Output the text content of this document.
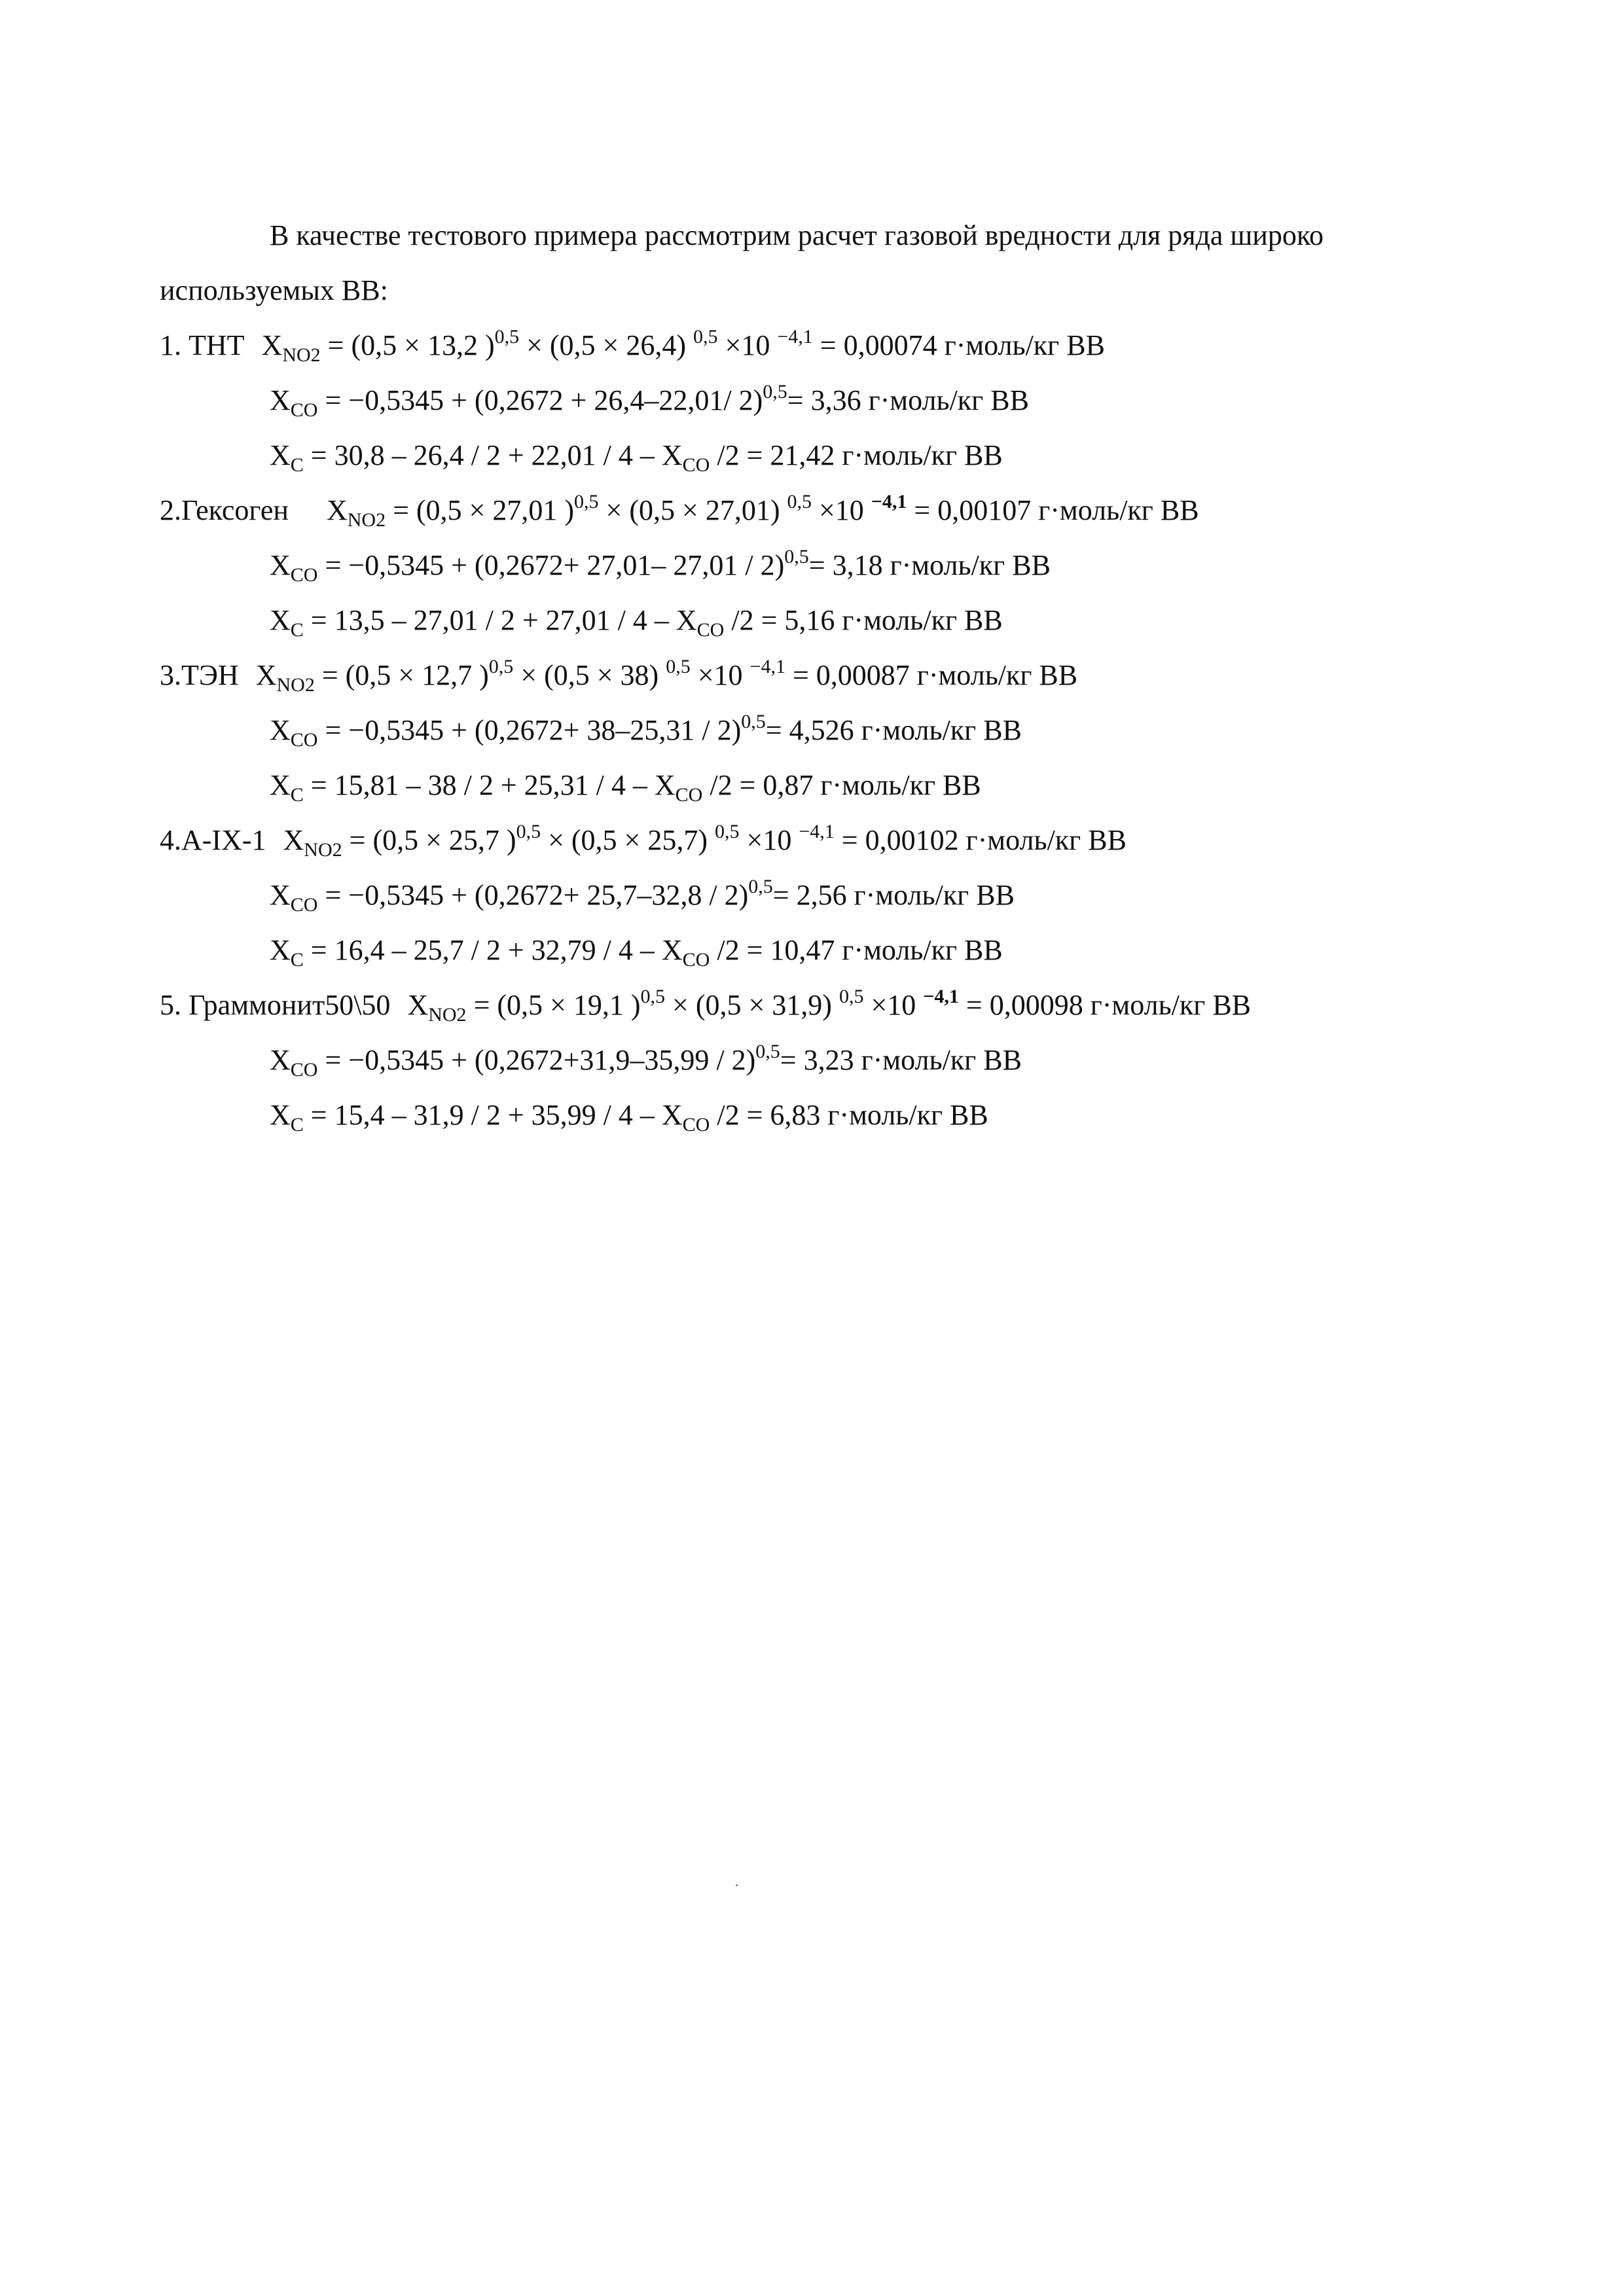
В качестве тестового примера рассмотрим расчет газовой вредности для ряда широко
используемых ВВ:
1. ТНТ $X_{NO2} = (0,5 \times 13,2$ )$^{0,5}$ × (0,5 × 26,4) $^{0,5}$ ×10 $^{-4,1}$ = 0,00074 г·моль/кг ВВ
$X_{CO} = -0,5345 + (0,2672 + 26,4-22,01/$ 2)$^{0,5}$= 3,36 г·моль/кг ВВ
$X_C = 30,8 - 26,4 / 2 + 22,01 / 4 - X_{CO}$ /2 = 21,42 г·моль/кг ВВ
2.Гексоген $X_{NO2} = (0,5 \times 27,01$ )$^{0,5}$ × (0,5 × 27,01) $^{0,5}$ ×10 $^{-4,1}$ = 0,00107 г·моль/кг ВВ
$X_{CO} = -0,5345 + (0,2672+ 27,01-$ 27,01 / 2)$^{0,5}$= 3,18 г·моль/кг ВВ
$X_C = 13,5 - 27,01 / 2 + 27,01 / 4 - X_{CO}$ /2 = 5,16 г·моль/кг ВВ
3.ТЭН $X_{NO2} = (0,5 \times 12,7$ )$^{0,5}$ × (0,5 × 38) $^{0,5}$ ×10 $^{-4,1}$ = 0,00087 г·моль/кг ВВ
$X_{CO} = -0,5345 + (0,2672+ 38-25,31 / 2)^{0,5}= 4,526$ г·моль/кг ВВ
$X_C = 15,81 - 38 / 2 + 25,31 / 4 - X_{CO}$ /2 = 0,87 г·моль/кг ВВ
4.А-IX-1 $X_{NO2} = (0,5 \times 25,7$ )$^{0,5}$ × (0,5 × 25,7) $^{0,5}$ ×10 $^{-4,1}$ = 0,00102 г·моль/кг ВВ
$X_{CO} = -0,5345 + (0,2672+ 25,7-32,8 / 2)^{0,5}= 2,56$ г·моль/кг ВВ
$X_C = 16,4 - 25,7 / 2 + 32,79 / 4 - X_{CO}$ /2 = 10,47 г·моль/кг ВВ
5. Граммонит50\50 $X_{NO2} = (0,5 \times 19,1$ )$^{0,5}$ × (0,5 × 31,9) $^{0,5}$ ×10 $^{-4,1}$ = 0,00098 г·моль/кг ВВ
$X_{CO} = -0,5345 + (0,2672+31,9-35,99 / 2)^{0,5}= 3,23$ г·моль/кг ВВ
$X_C = 15,4 - 31,9 / 2 + 35,99 / 4 - X_{CO}$ /2 = 6,83 г·моль/кг ВВ
